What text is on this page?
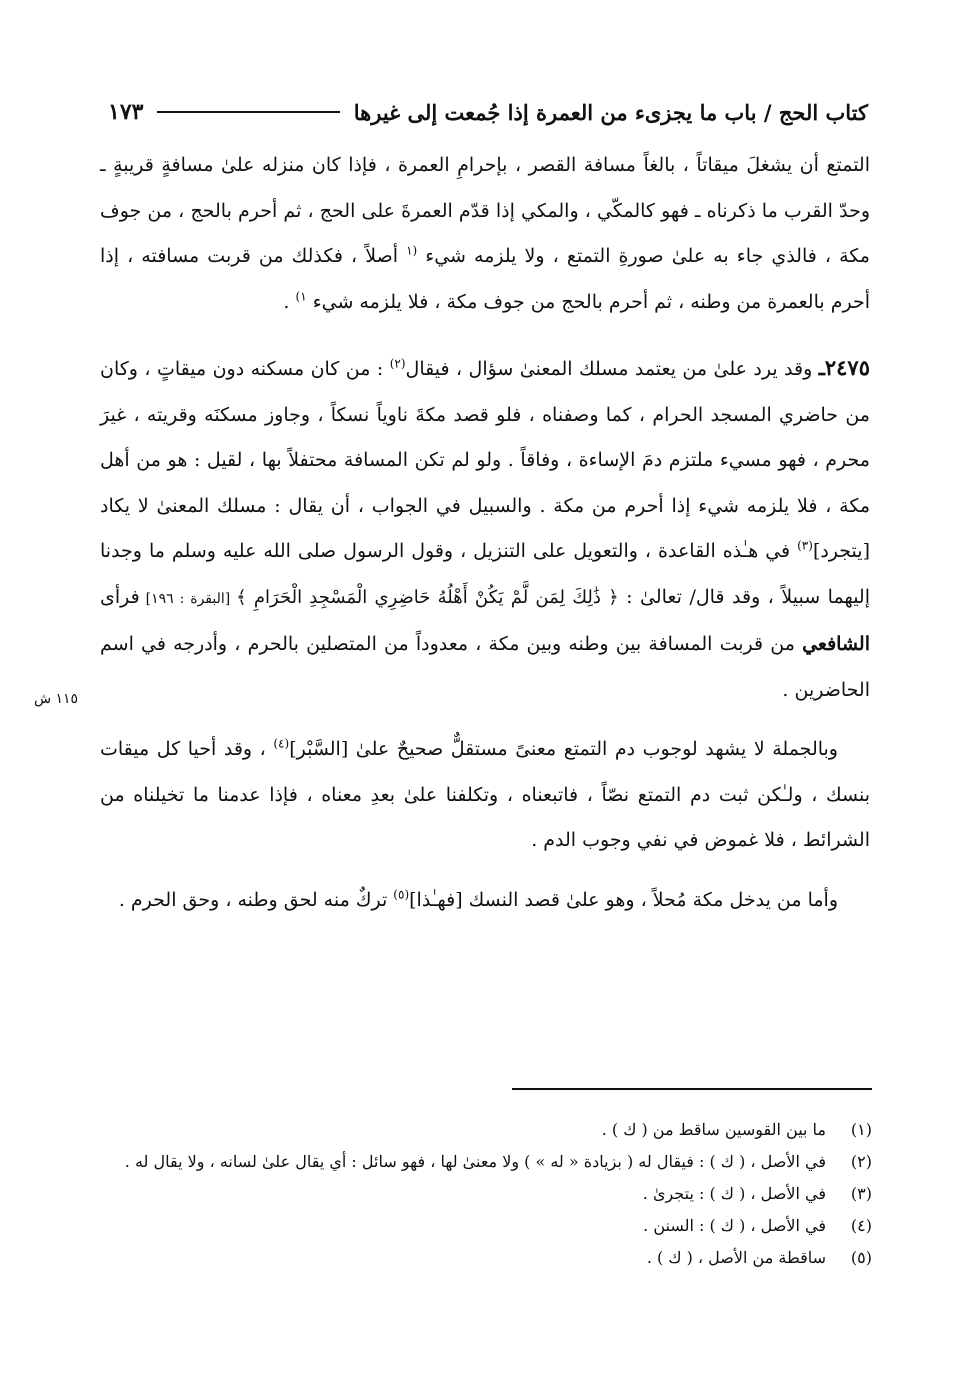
كتاب الحج / باب ما يجزىء من العمرة إذا جُمعت إلى غيرها
١٧٣

التمتع أن يشغلَ ميقاتاً ، بالغاً مسافة القصر ، بإحرامِ العمرة ، فإذا كان منزله علىٰ مسافةٍ قريبةٍ ـ وحدّ القرب ما ذكرناه ـ فهو كالمكّي ، والمكي إذا قدّم العمرةَ على الحج ، ثم أحرم بالحج ، من جوف مكة ، فالذي جاء به علىٰ صورةِ التمتع ، ولا يلزمه شيء $^{(١}$ أصلاً ، فكذلك من قربت مسافته ، إذا أحرم بالعمرة من وطنه ، ثم أحرم بالحج من جوف مكة ، فلا يلزمه شيء $^{١)}$ .

٢٤٧٥ـ وقد يرد علىٰ من يعتمد مسلك المعنىٰ سؤال ، فيقال$^{(٢)}$ : من كان مسكنه دون ميقاتٍ ، وكان من حاضري المسجد الحرام ، كما وصفناه ، فلو قصد مكةَ ناوياً نسكاً ، وجاوز مسكنَه وقريته ، غيرَ محرم ، فهو مسيء ملتزم دمَ الإساءة ، وفاقاً . ولو لم تكن المسافة محتفلاً بها ، لقيل : هو من أهل مكة ، فلا يلزمه شيء إذا أحرم من مكة . والسبيل في الجواب ، أن يقال : مسلك المعنىٰ لا يكاد [يتجرد]$^{(٣)}$ في هـٰذه القاعدة ، والتعويل على التنزيل ، وقول الرسول صلى الله عليه وسلم ما وجدنا إليهما سبيلاً ، وقد قال/ تعالىٰ : ﴿ ذَٰلِكَ لِمَن لَّمْ يَكُنْ أَهْلُهُ حَاضِرِي الْمَسْجِدِ الْحَرَامِ ﴾ [البقرة : ١٩٦] فرأى الشافعي من قربت المسافة بين وطنه وبين مكة ، معدوداً من المتصلين بالحرم ، وأدرجه في اسم الحاضرين .

وبالجملة لا يشهد لوجوب دم التمتع معنىً مستقلٌّ صحيحٌ علىٰ [السَّبْر]$^{(٤)}$ ، وقد أحيا كل ميقات بنسك ، ولـٰكن ثبت دم التمتع نصّاً ، فاتبعناه ، وتكلفنا علىٰ بعدِ معناه ، فإذا عدمنا ما تخيلناه من الشرائط ، فلا غموض في نفي وجوب الدم .

وأما من يدخل مكة مُحلاً ، وهو علىٰ قصد النسك [فهـٰذا]$^{(٥)}$ تركٌ منه لحق وطنه ، وحق الحرم .

١١٥ ش
(١)
ما بين القوسين ساقط من ( ك ) .
(٢)
في الأصل ، ( ك ) : فيقال له ( بزيادة « له » ) ولا معنىٰ لها ، فهو سائل : أي يقال علىٰ لسانه ، ولا يقال له .
(٣)
في الأصل ، ( ك ) : يتجرىٰ .
(٤)
في الأصل ، ( ك ) : السنن .
(٥)
ساقطة من الأصل ، ( ك ) .
